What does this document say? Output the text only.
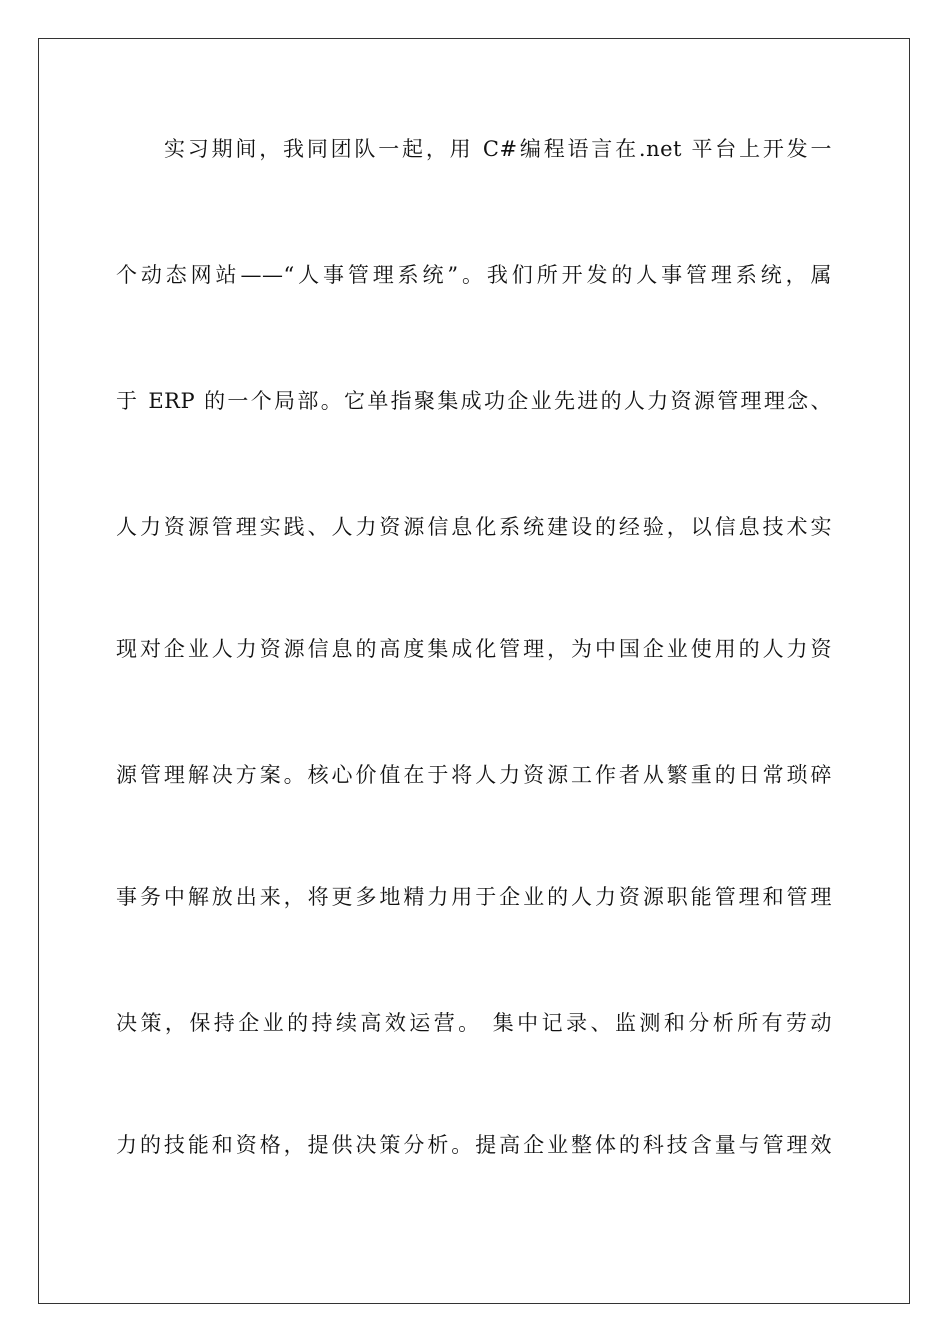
实习期间，我同团队一起，用 C#编程语言在.net 平台上开发一
个动态网站——“人事管理系统”。我们所开发的人事管理系统，属
于 ERP 的一个局部。它单指聚集成功企业先进的人力资源管理理念、
人力资源管理实践、人力资源信息化系统建设的经验，以信息技术实
现对企业人力资源信息的高度集成化管理，为中国企业使用的人力资
源管理解决方案。核心价值在于将人力资源工作者从繁重的日常琐碎
事务中解放出来，将更多地精力用于企业的人力资源职能管理和管理
决策，保持企业的持续高效运营。 集中记录、监测和分析所有劳动
力的技能和资格，提供决策分析。提高企业整体的科技含量与管理效
